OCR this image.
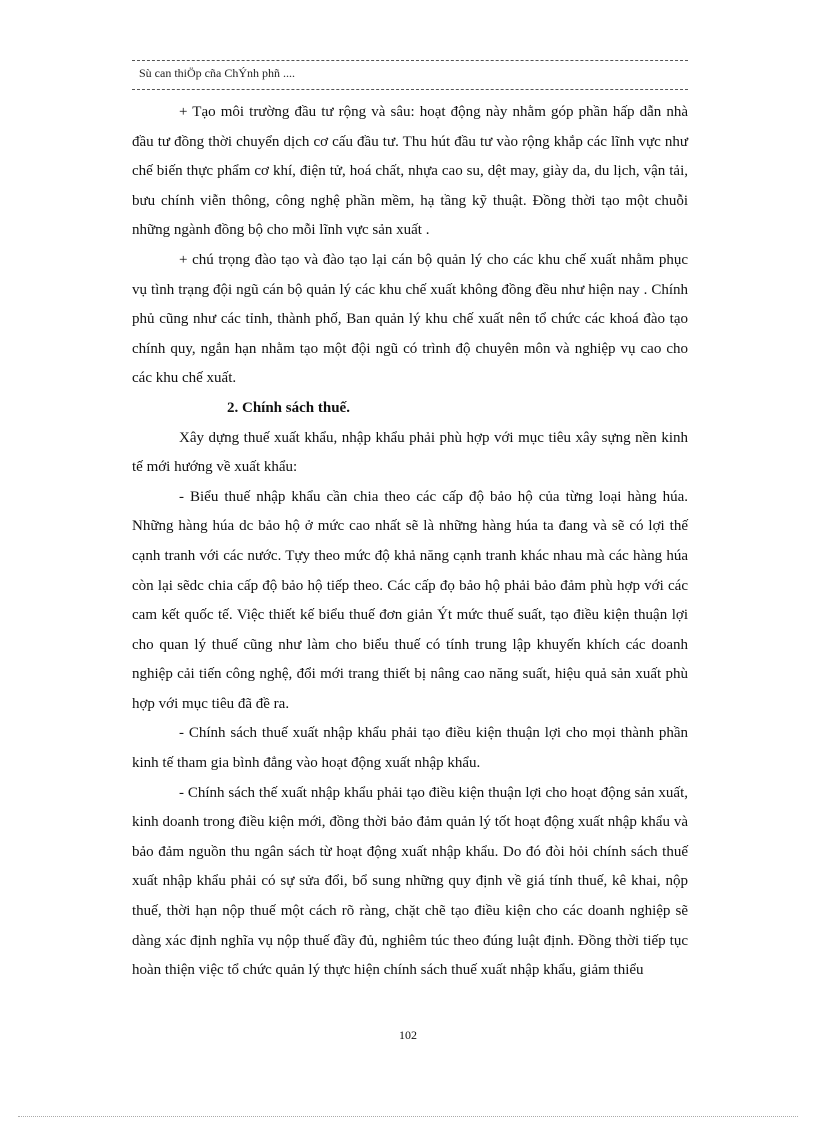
Sù can thiÖp cña ChÝnh phñ ....

+ Tạo môi trường đầu tư rộng và sâu: hoạt động này nhằm góp phần hấp dẫn nhà đầu tư đồng thời chuyển dịch cơ cấu đầu tư. Thu hút đầu tư vào rộng khắp các lĩnh vực như chế biến thực phẩm cơ khí, điện tử, hoá chất, nhựa cao su, dệt may, giày da, du lịch, vận tải, bưu chính viễn thông, công nghệ phần mềm, hạ tầng kỹ thuật. Đồng thời tạo một chuỗi những ngành đồng bộ cho mỗi lĩnh vực sản xuất .

+ chú trọng đào tạo và đào tạo lại cán bộ quản lý cho các khu chế xuất nhằm phục vụ tình trạng đội ngũ cán bộ quản lý các khu chế xuất không đồng đều như hiện nay . Chính phủ cũng như các tỉnh, thành phố, Ban quản lý khu chế xuất nên tổ chức các khoá đào tạo chính quy, ngắn hạn nhằm tạo một đội ngũ có trình độ chuyên môn và nghiệp vụ cao cho các khu chế xuất.

2. Chính sách thuế.

Xây dựng thuế xuất khẩu, nhập khẩu phải phù hợp với mục tiêu xây sựng nền kinh tế mới hướng về xuất khẩu:

- Biểu thuế nhập khẩu cần chia theo các cấp độ bảo hộ của từng loại hàng húa. Những hàng húa dc bảo hộ ở mức cao nhất sẽ là những hàng húa ta đang và sẽ có lợi thế cạnh tranh với các nước. Tựy theo mức độ khả năng cạnh tranh khác nhau mà các hàng húa còn lại sẽdc chia cấp độ bảo hộ tiếp theo. Các cấp đọ bảo hộ phải bảo đảm phù hợp với các cam kết quốc tế. Việc thiết kế biểu thuế đơn giản Ýt mức thuế suất, tạo điều kiện thuận lợi cho quan lý thuế cũng như làm cho biểu thuế có tính trung lập khuyến khích các doanh nghiệp cải tiến công nghệ, đổi mới trang thiết bị nâng cao năng suất, hiệu quả sản xuất phù hợp với mục tiêu đã đề ra.

- Chính sách thuế xuất nhập khẩu phải tạo điều kiện thuận lợi cho mọi thành phần kinh tế tham gia bình đẳng vào hoạt động xuất nhập khẩu.

- Chính sách thế xuất nhập khẩu phải tạo điều kiện thuận lợi cho hoạt động sản xuất, kinh doanh trong điều kiện mới, đồng thời bảo đảm quản lý tốt hoạt động xuất nhập khẩu và bảo đảm nguồn thu ngân sách từ hoạt động xuất nhập khẩu. Do đó đòi hỏi chính sách thuế xuất nhập khẩu phải có sự sửa đổi, bổ sung những quy định về giá tính thuế, kê khai, nộp thuế, thời hạn nộp thuế một cách rõ ràng, chặt chẽ tạo điều kiện cho các doanh nghiệp sẽ dàng xác định nghĩa vụ nộp thuế đầy đủ, nghiêm túc theo đúng luật định. Đồng thời tiếp tục hoàn thiện việc tổ chức quản lý thực hiện chính sách thuế xuất nhập khẩu, giảm thiểu

102
